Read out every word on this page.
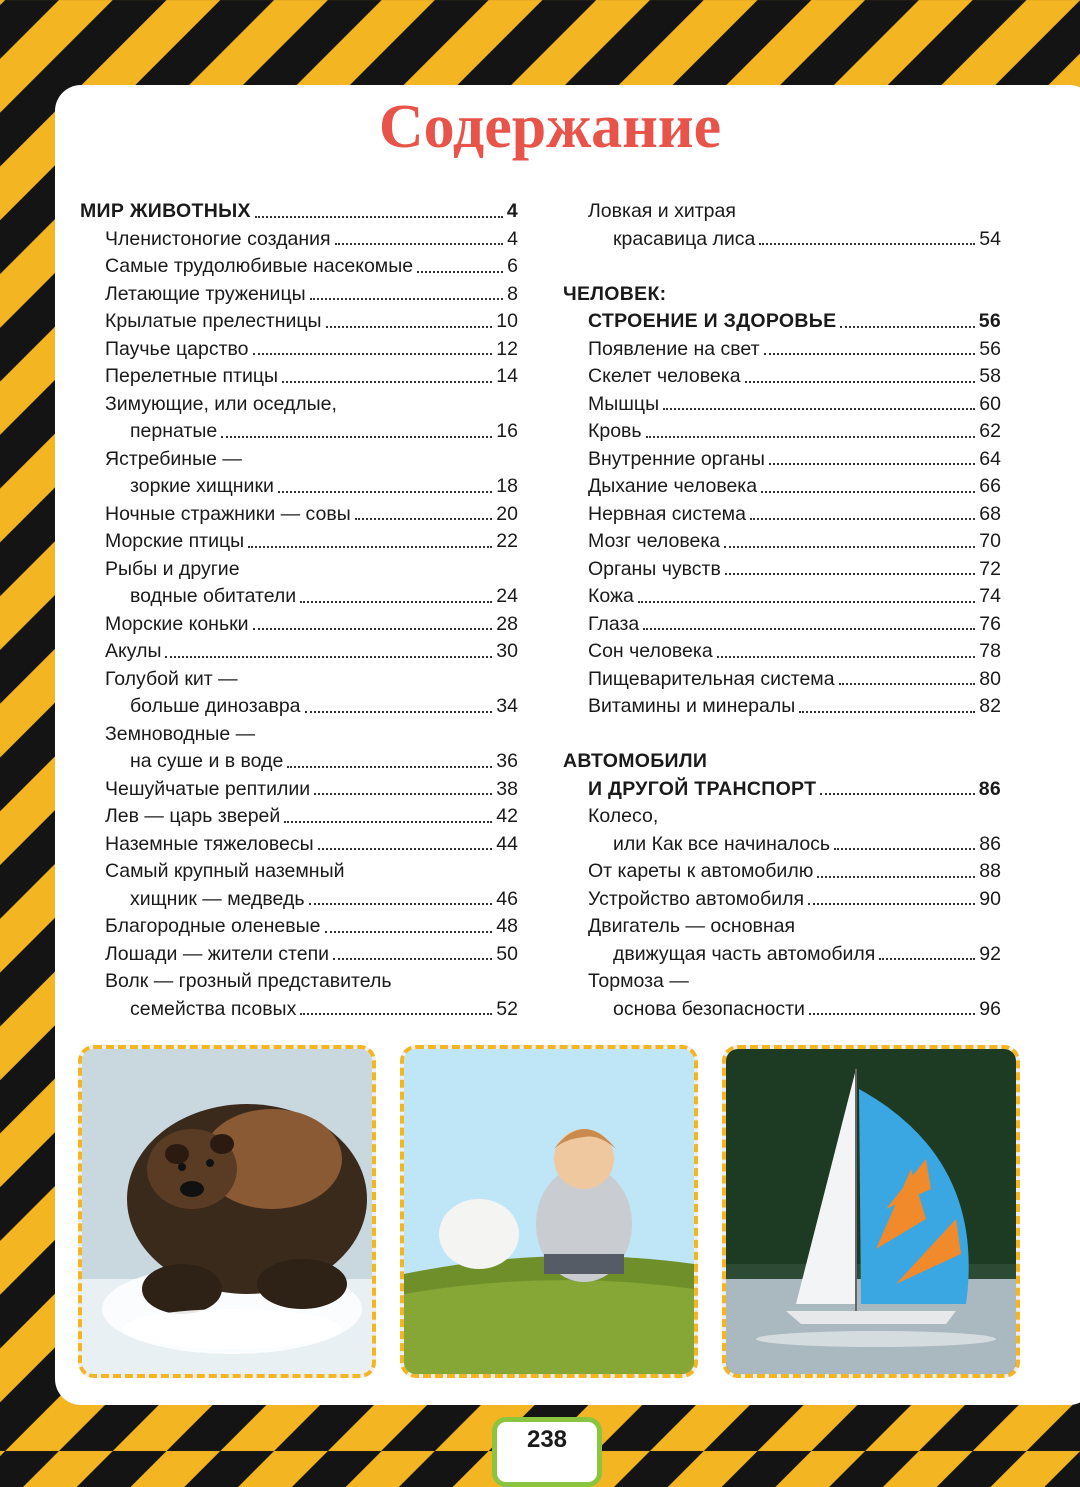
Содержание
МИР ЖИВОТНЫХ	4
Членистоногие создания	4
Самые трудолюбивые насекомые	6
Летающие труженицы	8
Крылатые прелестницы	10
Паучье царство	12
Перелетные птицы	14
Зимующие, или оседлые,
пернатые	16
Ястребиные —
зоркие хищники	18
Ночные стражники — совы	20
Морские птицы	22
Рыбы и другие
водные обитатели	24
Морские коньки	28
Акулы	30
Голубой кит —
больше динозавра	34
Земноводные —
на суше и в воде	36
Чешуйчатые рептилии	38
Лев — царь зверей	42
Наземные тяжеловесы	44
Самый крупный наземный
хищник — медведь	46
Благородные оленевые	48
Лошади — жители степи	50
Волк — грозный представитель
семейства псовых	52
Ловкая и хитрая
красавица лиса	54
ЧЕЛОВЕК:
СТРОЕНИЕ И ЗДОРОВЬЕ	56
Появление на свет	56
Скелет человека	58
Мышцы	60
Кровь	62
Внутренние органы	64
Дыхание человека	66
Нервная система	68
Мозг человека	70
Органы чувств	72
Кожа	74
Глаза	76
Сон человека	78
Пищеварительная система	80
Витамины и минералы	82
АВТОМОБИЛИ
И ДРУГОЙ ТРАНСПОРТ	86
Колесо,
или Как все начиналось	86
От кареты к автомобилю	88
Устройство автомобиля	90
Двигатель — основная
движущая часть автомобиля	92
Тормоза —
основа безопасности	96
238
